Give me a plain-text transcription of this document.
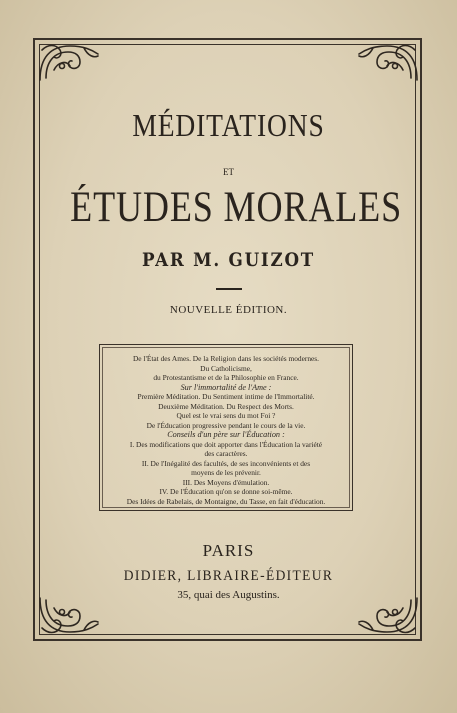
MÉDITATIONS
ET
ÉTUDES MORALES
PAR M. GUIZOT
NOUVELLE ÉDITION.
De l'État des Ames. De la Religion dans les sociétés modernes.
Du Catholicisme,
du Protestantisme et de la Philosophie en France.
Sur l'immortalité de l'Ame :
Première Méditation. Du Sentiment intime de l'Immortalité.
Deuxième Méditation. Du Respect des Morts.
Quel est le vrai sens du mot Foi ?
De l'Éducation progressive pendant le cours de la vie.
Conseils d'un père sur l'Éducation :
I. Des modifications que doit apporter dans l'Éducation la variété
des caractères.
II. De l'Inégalité des facultés, de ses inconvénients et des
moyens de les prévenir.
III. Des Moyens d'émulation.
IV. De l'Éducation qu'on se donne soi-même.
Des Idées de Rabelais, de Montaigne, du Tasse, en fait d'éducation.
PARIS
DIDIER, LIBRAIRE-ÉDITEUR
35, quai des Augustins.
